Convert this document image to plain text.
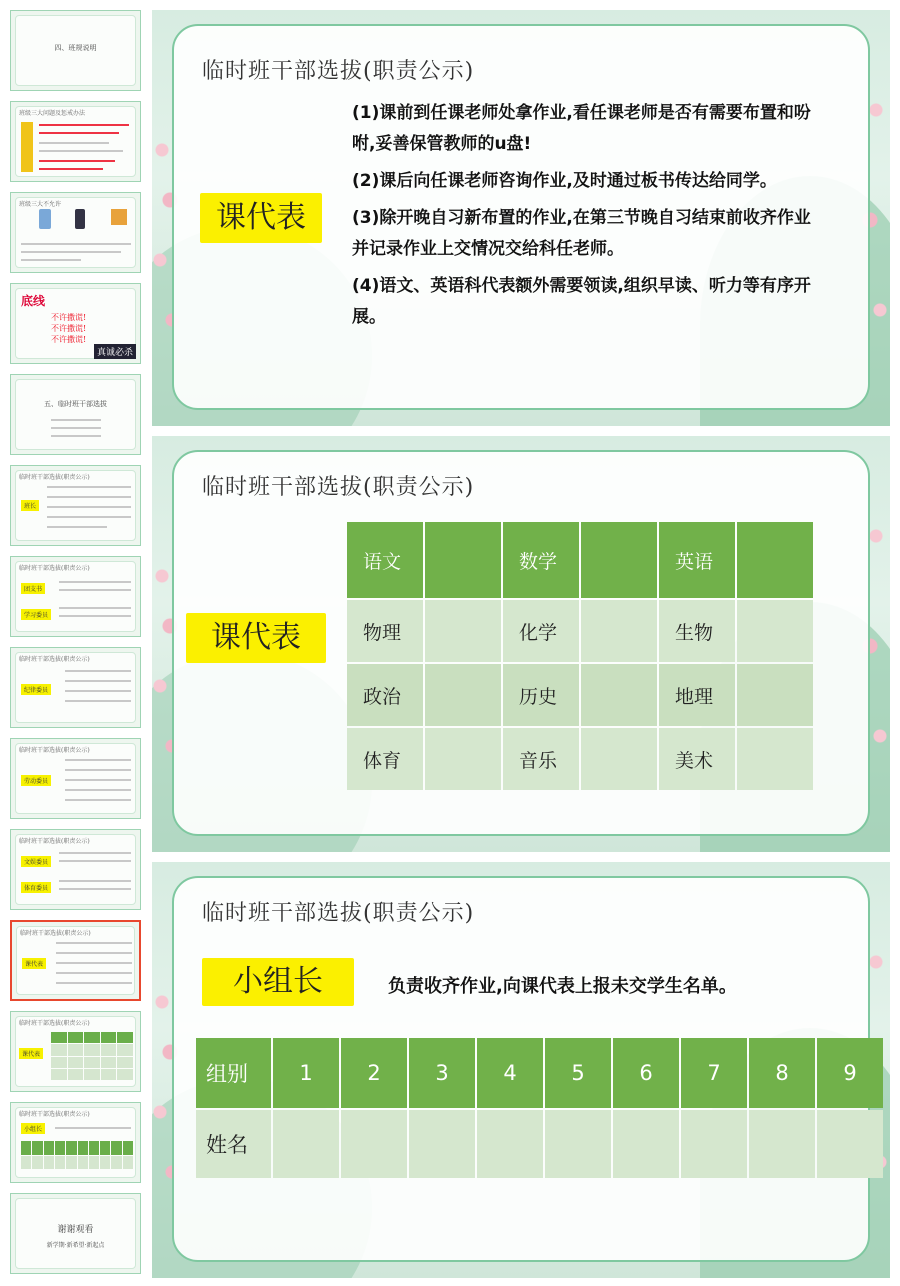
四、班规说明
班级三大问题及惩戒办法
班级三大不允许
底线
不许撒谎!
不许撒谎!
不许撒谎!
真诚必杀
五、临时班干部选拔
临时班干部选拔(职责公示)
班长
临时班干部选拔(职责公示)
团支书
学习委员
临时班干部选拔(职责公示)
纪律委员
临时班干部选拔(职责公示)
劳动委员
临时班干部选拔(职责公示)
文娱委员
体育委员
临时班干部选拔(职责公示)
课代表
临时班干部选拔(职责公示)
课代表
临时班干部选拔(职责公示)
小组长
谢谢观看
新学期·新希望·新起点
临时班干部选拔(职责公示)
课代表

(1)课前到任课老师处拿作业,看任课老师是否有需要布置和吩咐,妥善保管教师的u盘!

(2)课后向任课老师咨询作业,及时通过板书传达给同学。

(3)除开晚自习新布置的作业,在第三节晚自习结束前收齐作业并记录作业上交情况交给科任老师。

(4)语文、英语科代表额外需要领读,组织早读、听力等有序开展。

临时班干部选拔(职责公示)
课代表
语文		数学		英语	
物理		化学		生物	
政治		历史		地理	
体育		音乐		美术	
临时班干部选拔(职责公示)
小组长	负责收齐作业,向课代表上报未交学生名单。
组别	1	2	3	4	5	6	7	8	9
姓名									
